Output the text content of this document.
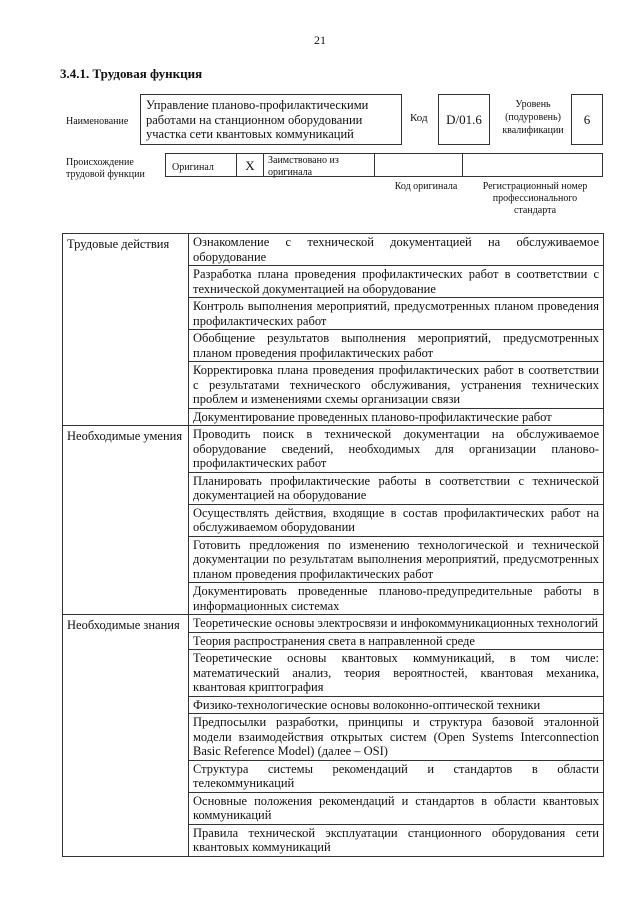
21
3.4.1. Трудовая функция
Наименование
Управление планово-профилактическими работами на станционном оборудовании участка сети квантовых коммуникаций
Код	D/01.6
Уровень (подуровень) квалификации
6
Происхождение трудовой функции
Оригинал	X	Заимствовано из оригинала
Код оригинала	Регистрационный номер профессионального стандарта
Трудовые действия	Ознакомление с технической документацией на обслуживаемое оборудование
	Разработка плана проведения профилактических работ в соответствии с технической документацией на оборудование
	Контроль выполнения мероприятий, предусмотренных планом проведения профилактических работ
	Обобщение результатов выполнения мероприятий, предусмотренных планом проведения профилактических работ
	Корректировка плана проведения профилактических работ в соответствии с результатами технического обслуживания, устранения технических проблем и изменениями схемы организации связи
	Документирование проведенных планово-профилактические работ
Необходимые умения	Проводить поиск в технической документации на обслуживаемое оборудование сведений, необходимых для организации планово-профилактических работ
	Планировать профилактические работы в соответствии с технической документацией на оборудование
	Осуществлять действия, входящие в состав профилактических работ на обслуживаемом оборудовании
	Готовить предложения по изменению технологической и технической документации по результатам выполнения мероприятий, предусмотренных планом проведения профилактических работ
	Документировать проведенные планово-предупредительные работы в информационных системах
Необходимые знания	Теоретические основы электросвязи и инфокоммуникационных технологий
	Теория распространения света в направленной среде
	Теоретические основы квантовых коммуникаций, в том числе: математический анализ, теория вероятностей, квантовая механика, квантовая криптография
	Физико-технологические основы волоконно-оптической техники
	Предпосылки разработки, принципы и структура базовой эталонной модели взаимодействия открытых систем (Open Systems Interconnection Basic Reference Model) (далее – OSI)
	Структура системы рекомендаций и стандартов в области телекоммуникаций
	Основные положения рекомендаций и стандартов в области квантовых коммуникаций
	Правила технической эксплуатации станционного оборудования сети квантовых коммуникаций
